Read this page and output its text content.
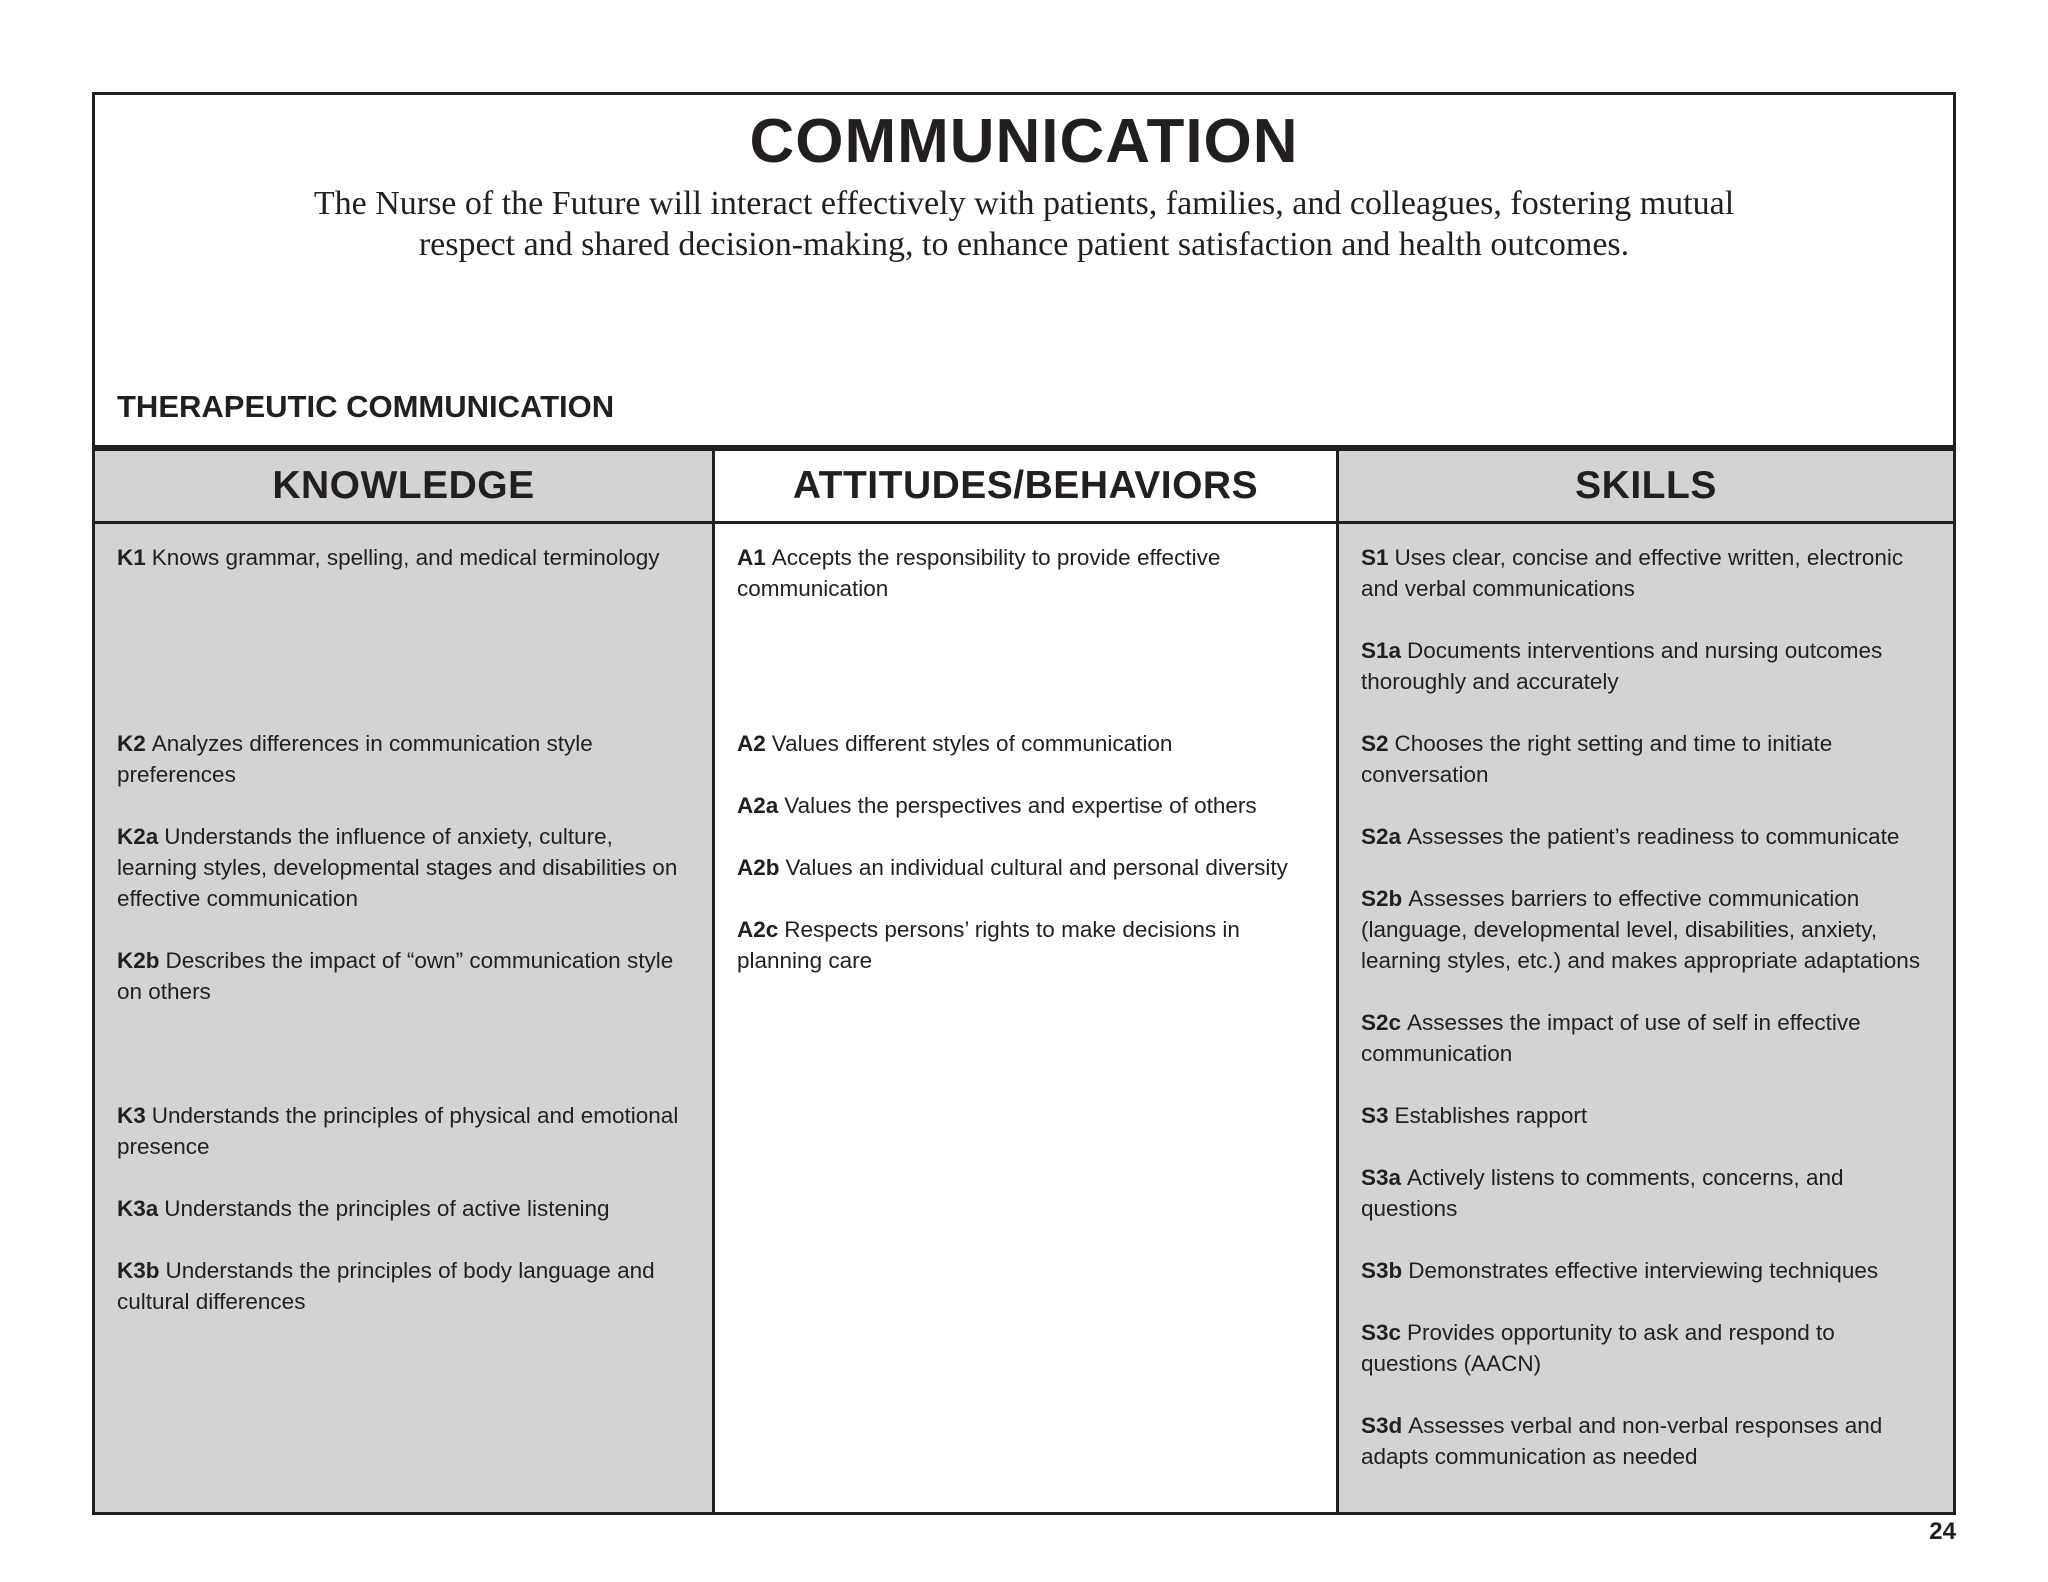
COMMUNICATION

The Nurse of the Future will interact effectively with patients, families, and colleagues, fostering mutual respect and shared decision-making, to enhance patient satisfaction and health outcomes.

THERAPEUTIC COMMUNICATION
KNOWLEDGE

K1 Knows grammar, spelling, and medical terminology

K2 Analyzes differences in communication style preferences

K2a Understands the influence of anxiety, culture, learning styles, developmental stages and disabilities on effective communication

K2b Describes the impact of “own” communication style on others

K3 Understands the principles of physical and emotional presence

K3a Understands the principles of active listening

K3b Understands the principles of body language and cultural differences

ATTITUDES/BEHAVIORS

A1 Accepts the responsibility to provide effective communication

A2 Values different styles of communication

A2a Values the perspectives and expertise of others

A2b Values an individual cultural and personal diversity

A2c Respects persons’ rights to make decisions in planning care

SKILLS

S1 Uses clear, concise and effective written, electronic and verbal communications

S1a Documents interventions and nursing outcomes thoroughly and accurately

S2 Chooses the right setting and time to initiate conversation

S2a Assesses the patient’s readiness to communicate

S2b Assesses barriers to effective communication (language, developmental level, disabilities, anxiety, learning styles, etc.) and makes appropriate adaptations

S2c Assesses the impact of use of self in effective communication

S3 Establishes rapport

S3a Actively listens to comments, concerns, and questions

S3b Demonstrates effective interviewing techniques

S3c Provides opportunity to ask and respond to questions (AACN)

S3d Assesses verbal and non-verbal responses and adapts communication as needed

24
